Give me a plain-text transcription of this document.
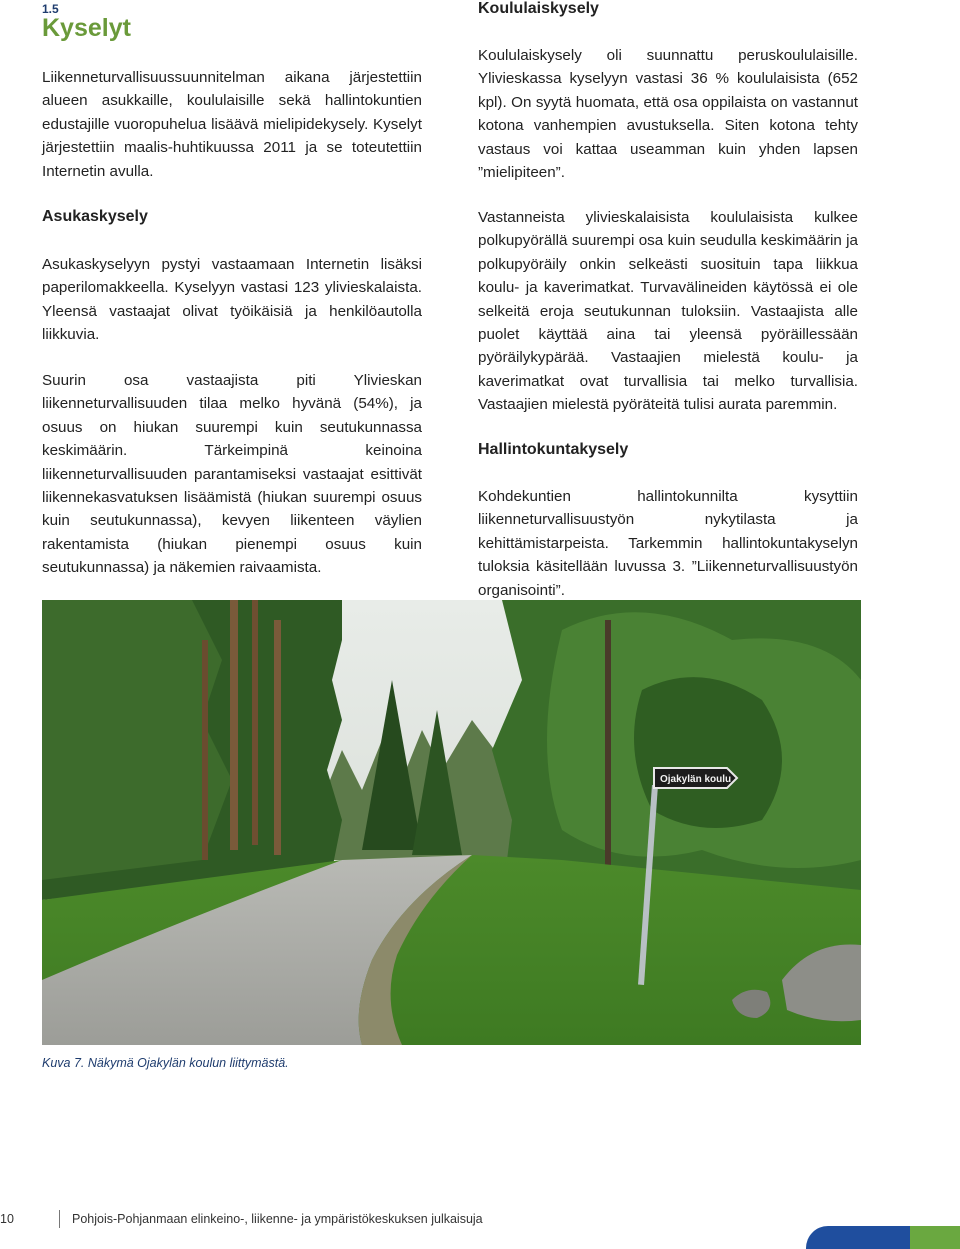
1.5
Kyselyt

Liikenneturvallisuussuunnitelman aikana järjestettiin alueen asukkaille, koululaisille sekä hallintokuntien edustajille vuoropuhelua lisäävä mielipidekysely. Kyselyt järjestettiin maalis-huhtikuussa 2011 ja se toteutettiin Internetin avulla.

Asukaskysely

Asukaskyselyyn pystyi vastaamaan Internetin lisäksi paperilomakkeella. Kyselyyn vastasi 123 ylivieskalaista. Yleensä vastaajat olivat työikäisiä ja henkilöautolla liikkuvia.

Suurin osa vastaajista piti Ylivieskan liikenneturvallisuuden tilaa melko hyvänä (54%), ja osuus on hiukan suurempi kuin seutukunnassa keskimäärin. Tärkeimpinä keinoina liikenneturvallisuuden parantamiseksi vastaajat esittivät liikennekasvatuksen lisäämistä (hiukan suurempi osuus kuin seutukunnassa), kevyen liikenteen väylien rakentamista (hiukan pienempi osuus kuin seutukunnassa) ja näkemien raivaamista.

Koululaiskysely

Koululaiskysely oli suunnattu peruskoululaisille. Ylivieskassa kyselyyn vastasi 36 % koululaisista (652 kpl). On syytä huomata, että osa oppilaista on vastannut kotona vanhempien avustuksella. Siten kotona tehty vastaus voi kattaa useamman kuin yhden lapsen ”mielipiteen”.

Vastanneista ylivieskalaisista koululaisista kulkee polkupyörällä suurempi osa kuin seudulla keskimäärin ja polkupyöräily onkin selkeästi suosituin tapa liikkua koulu- ja kaverimatkat. Turvavälineiden käytössä ei ole selkeitä eroja seutukunnan tuloksiin. Vastaajista alle puolet käyttää aina tai yleensä pyöräillessään pyöräilykypärää. Vastaajien mielestä koulu- ja kaverimatkat ovat turvallisia tai melko turvallisia. Vastaajien mielestä pyöräteitä tulisi aurata paremmin.

Hallintokuntakysely

Kohdekuntien hallintokunnilta kysyttiin liikenneturvallisuustyön nykytilasta ja kehittämistarpeista. Tarkemmin hallintokuntakyselyn tuloksia käsitellään luvussa 3. ”Liikenneturvallisuustyön organisointi”.

Ojakylän koulu
Kuva 7. Näkymä Ojakylän koulun liittymästä.
10	Pohjois-Pohjanmaan elinkeino-, liikenne- ja ympäristökeskuksen julkaisuja
